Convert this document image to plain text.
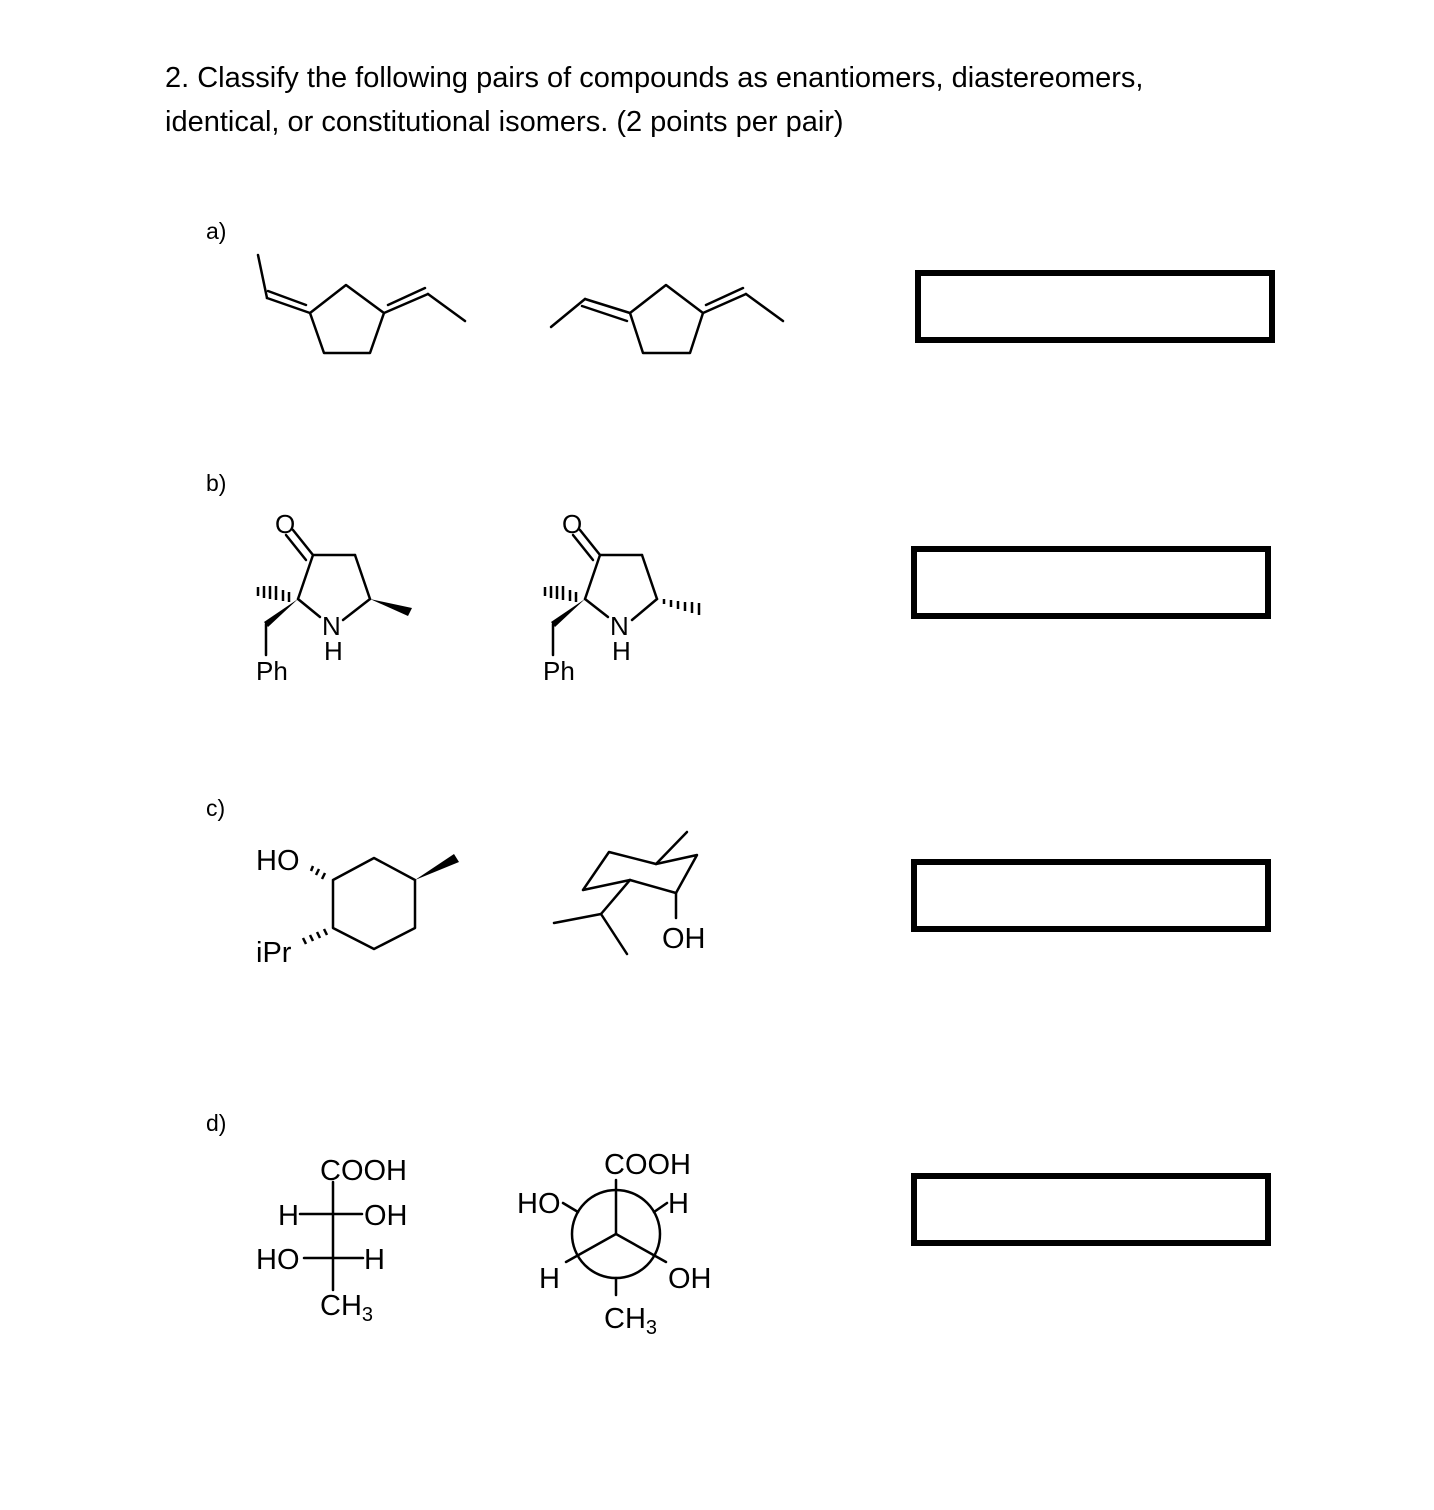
2. Classify the following pairs of compounds as enantiomers, diastereomers,
identical, or constitutional isomers. (2 points per pair)
a)
b)
c)
d)
O
Ph
N
H
O
Ph
N
H
HO
iPr	OH
COOH
H OH
HO H
$CH_3$
COOH
HO	H
H	OH
$CH_3$
